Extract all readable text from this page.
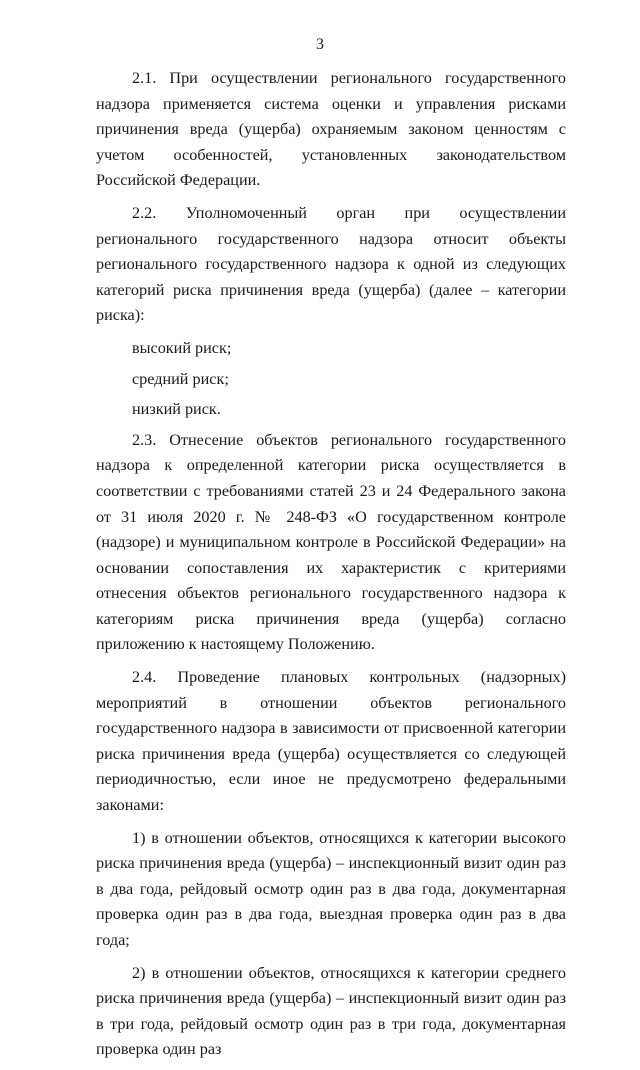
3

2.1. При осуществлении регионального государственного надзора применяется система оценки и управления рисками причинения вреда (ущерба) охраняемым законом ценностям с учетом особенностей, установленных законодательством Российской Федерации.

2.2. Уполномоченный орган при осуществлении регионального государственного надзора относит объекты регионального государственного надзора к одной из следующих категорий риска причинения вреда (ущерба) (далее – категории риска):

высокий риск;

средний риск;

низкий риск.

2.3. Отнесение объектов регионального государственного надзора к определенной категории риска осуществляется в соответствии с требованиями статей 23 и 24 Федерального закона от 31 июля 2020 г. № 248-ФЗ «О государственном контроле (надзоре) и муниципальном контроле в Российской Федерации» на основании сопоставления их характеристик с критериями отнесения объектов регионального государственного надзора к категориям риска причинения вреда (ущерба) согласно приложению к настоящему Положению.

2.4. Проведение плановых контрольных (надзорных) мероприятий в отношении объектов регионального государственного надзора в зависимости от присвоенной категории риска причинения вреда (ущерба) осуществляется со следующей периодичностью, если иное не предусмотрено федеральными законами:

1) в отношении объектов, относящихся к категории высокого риска причинения вреда (ущерба) – инспекционный визит один раз в два года, рейдовый осмотр один раз в два года, документарная проверка один раз в два года, выездная проверка один раз в два года;

2) в отношении объектов, относящихся к категории среднего риска причинения вреда (ущерба) – инспекционный визит один раз в три года, рейдовый осмотр один раз в три года, документарная проверка один раз
